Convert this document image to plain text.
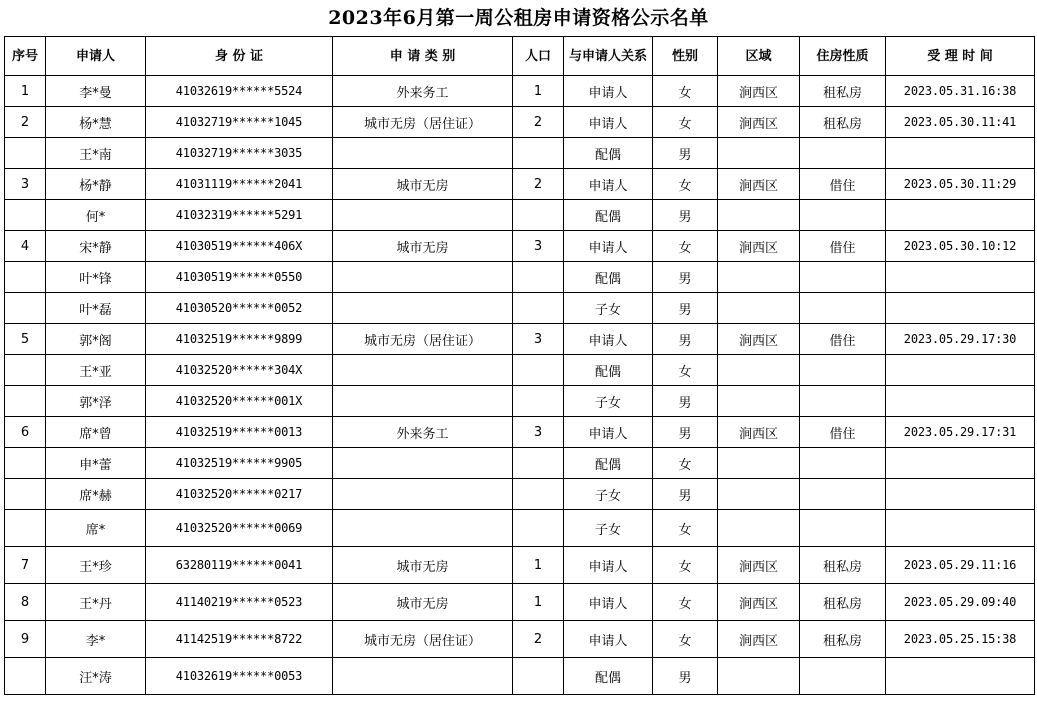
2023年6月第一周公租房申请资格公示名单
序号	申请人	身 份 证	申 请 类 别	人口	与申请人关系	性别	区域	住房性质	受 理 时 间
1	李*曼	41032619******5524	外来务工	1	申请人	女	涧西区	租私房	2023.05.31.16:38
2	杨*慧	41032719******1045	城市无房（居住证）	2	申请人	女	涧西区	租私房	2023.05.30.11:41
	王*南	41032719******3035			配偶	男			
3	杨*静	41031119******2041	城市无房	2	申请人	女	涧西区	借住	2023.05.30.11:29
	何*	41032319******5291			配偶	男			
4	宋*静	41030519******406X	城市无房	3	申请人	女	涧西区	借住	2023.05.30.10:12
	叶*锋	41030519******0550			配偶	男			
	叶*磊	41030520******0052			子女	男			
5	郭*阁	41032519******9899	城市无房（居住证）	3	申请人	男	涧西区	借住	2023.05.29.17:30
	王*亚	41032520******304X			配偶	女			
	郭*泽	41032520******001X			子女	男			
6	席*曾	41032519******0013	外来务工	3	申请人	男	涧西区	借住	2023.05.29.17:31
	申*蕾	41032519******9905			配偶	女			
	席*赫	41032520******0217			子女	男			
	席*	41032520******0069			子女	女			
7	王*珍	63280119******0041	城市无房	1	申请人	女	涧西区	租私房	2023.05.29.11:16
8	王*丹	41140219******0523	城市无房	1	申请人	女	涧西区	租私房	2023.05.29.09:40
9	李*	41142519******8722	城市无房（居住证）	2	申请人	女	涧西区	租私房	2023.05.25.15:38
	汪*涛	41032619******0053			配偶	男			
